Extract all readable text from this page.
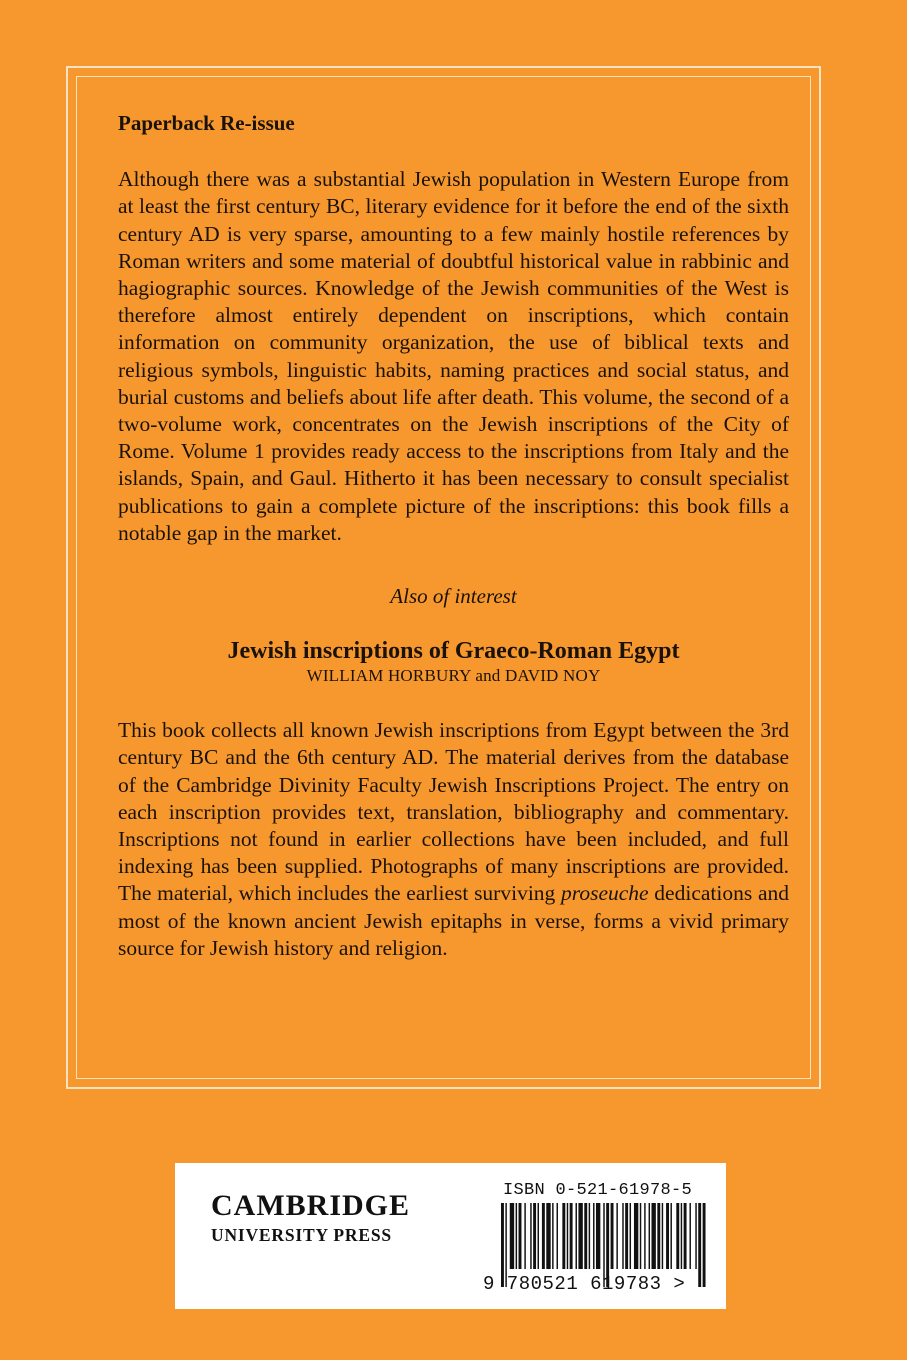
Paperback Re-issue

Although there was a substantial Jewish population in Western Europe from at least the first century BC, literary evidence for it before the end of the sixth century AD is very sparse, amounting to a few mainly hostile references by Roman writers and some material of doubtful historical value in rabbinic and hagiographic sources. Knowledge of the Jewish communities of the West is therefore almost entirely dependent on inscriptions, which contain information on community organization, the use of biblical texts and religious symbols, linguistic habits, naming practices and social status, and burial customs and beliefs about life after death. This volume, the second of a two-volume work, concentrates on the Jewish inscriptions of the City of Rome. Volume 1 provides ready access to the inscriptions from Italy and the islands, Spain, and Gaul. Hitherto it has been necessary to consult specialist publications to gain a complete picture of the inscriptions: this book fills a notable gap in the market.

Also of interest

Jewish inscriptions of Graeco-Roman Egypt

WILLIAM HORBURY and DAVID NOY

This book collects all known Jewish inscriptions from Egypt between the 3rd century BC and the 6th century AD. The material derives from the database of the Cambridge Divinity Faculty Jewish Inscriptions Project. The entry on each inscription provides text, translation, bibliography and commentary. Inscriptions not found in earlier collections have been included, and full indexing has been supplied. Photographs of many inscriptions are provided. The material, which includes the earliest surviving proseuche dedications and most of the known ancient Jewish epitaphs in verse, forms a vivid primary source for Jewish history and religion.

CAMBRIDGE
UNIVERSITY PRESS
ISBN 0-521-61978-5
9 780521 619783 >
